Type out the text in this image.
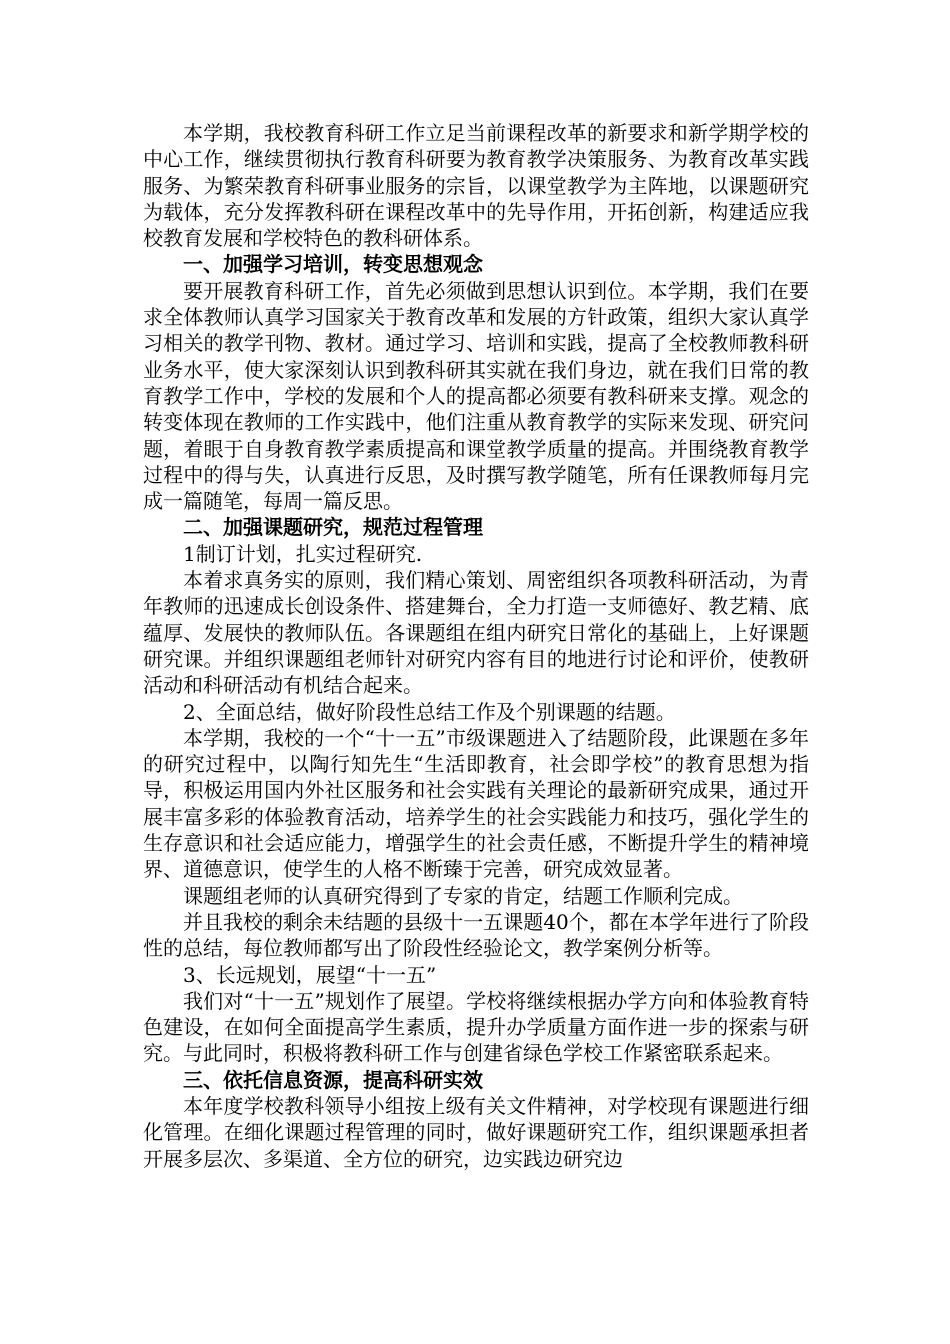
本学期，我校教育科研工作立足当前课程改革的新要求和新学期学校的中心工作，继续贯彻执行教育科研要为教育教学决策服务、为教育改革实践服务、为繁荣教育科研事业服务的宗旨，以课堂教学为主阵地，以课题研究为载体，充分发挥教科研在课程改革中的先导作用，开拓创新，构建适应我校教育发展和学校特色的教科研体系。

一、加强学习培训，转变思想观念

要开展教育科研工作，首先必须做到思想认识到位。本学期，我们在要求全体教师认真学习国家关于教育改革和发展的方针政策，组织大家认真学习相关的教学刊物、教材。通过学习、培训和实践，提高了全校教师教科研业务水平，使大家深刻认识到教科研其实就在我们身边，就在我们日常的教育教学工作中，学校的发展和个人的提高都必须要有教科研来支撑。观念的转变体现在教师的工作实践中，他们注重从教育教学的实际来发现、研究问题，着眼于自身教育教学素质提高和课堂教学质量的提高。并围绕教育教学过程中的得与失，认真进行反思，及时撰写教学随笔，所有任课教师每月完成一篇随笔，每周一篇反思。

二、加强课题研究，规范过程管理

1制订计划，扎实过程研究.

本着求真务实的原则，我们精心策划、周密组织各项教科研活动，为青年教师的迅速成长创设条件、搭建舞台，全力打造一支师德好、教艺精、底蕴厚、发展快的教师队伍。各课题组在组内研究日常化的基础上，上好课题研究课。并组织课题组老师针对研究内容有目的地进行讨论和评价，使教研活动和科研活动有机结合起来。

2、全面总结，做好阶段性总结工作及个别课题的结题。

本学期，我校的一个“十一五”市级课题进入了结题阶段，此课题在多年的研究过程中，以陶行知先生“生活即教育，社会即学校”的教育思想为指导，积极运用国内外社区服务和社会实践有关理论的最新研究成果，通过开展丰富多彩的体验教育活动，培养学生的社会实践能力和技巧，强化学生的生存意识和社会适应能力，增强学生的社会责任感，不断提升学生的精神境界、道德意识，使学生的人格不断臻于完善，研究成效显著。

课题组老师的认真研究得到了专家的肯定，结题工作顺利完成。

并且我校的剩余未结题的县级十一五课题40个，都在本学年进行了阶段性的总结，每位教师都写出了阶段性经验论文，教学案例分析等。

3、长远规划，展望“十一五”

我们对“十一五”规划作了展望。学校将继续根据办学方向和体验教育特色建设，在如何全面提高学生素质，提升办学质量方面作进一步的探索与研究。与此同时，积极将教科研工作与创建省绿色学校工作紧密联系起来。

三、依托信息资源，提高科研实效

本年度学校教科领导小组按上级有关文件精神，对学校现有课题进行细化管理。在细化课题过程管理的同时，做好课题研究工作，组织课题承担者开展多层次、多渠道、全方位的研究，边实践边研究边
